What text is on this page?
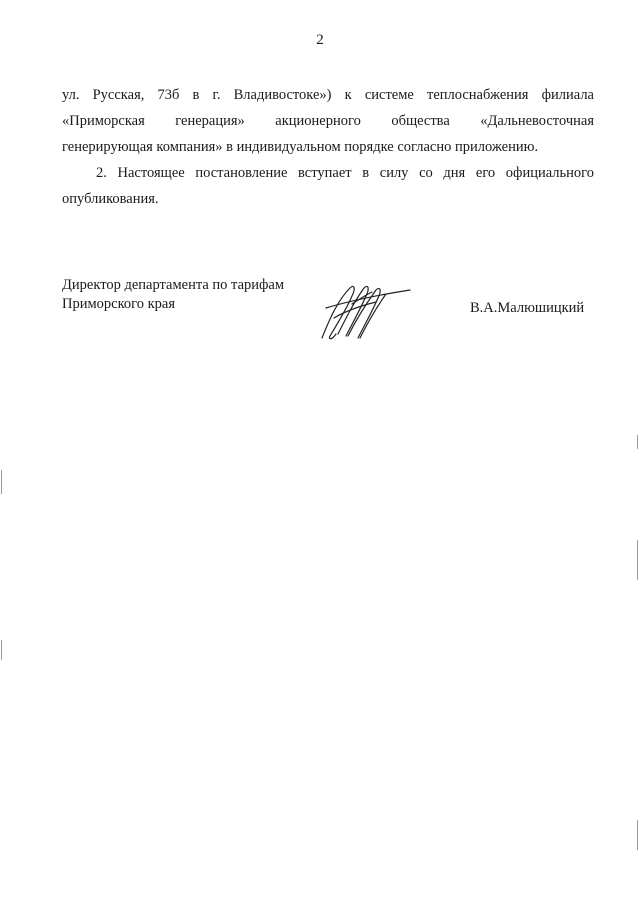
2
ул. Русская, 73б в г. Владивостоке») к системе теплоснабжения филиала
«Приморская генерация» акционерного общества «Дальневосточная
генерирующая компания» в индивидуальном порядке согласно приложению.
2. Настоящее постановление вступает в силу со дня его официального
опубликования.
Директор департамента по тарифам
Приморского края	В.А.Малюшицкий
